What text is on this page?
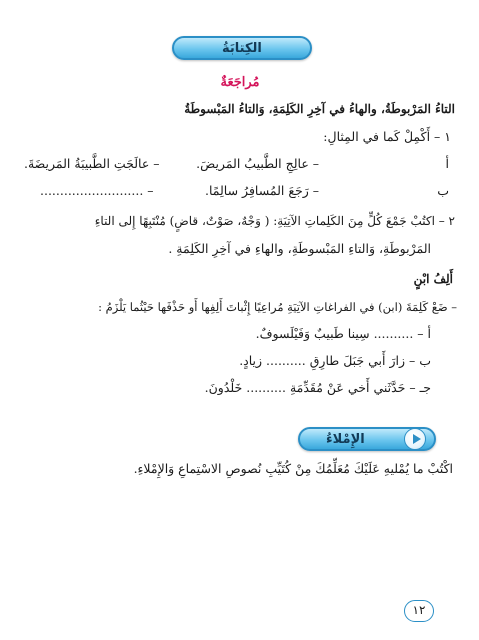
الكِتابَةُ
مُراجَعَةٌ
التاءُ المَرْبوطَةُ، والهاءُ في آخِرِ الكَلِمَةِ، وَالتاءُ المَبْسوطَةُ
١ – أَكْمِلْ كَما في المِثالِ:
أ
– عالِجِ الطَّبيبُ المَريضَ.
– عالَجَتِ الطَّبيبَةُ المَريضَةَ.
ب
– رَجَعَ المُسافِرُ سالِمًا.
– ..........................
٢ – اكتُبْ جَمْعَ كُلٍّ مِنَ الكَلِماتِ الآتِيَةِ: ( وَجْهٌ، صَوْتٌ، قاضٍ) مُنْتَبِهًا إِلى التاءِ
المَرْبوطَةِ، وَالتاءِ المَبْسوطَةِ، والهاءِ في آخِرِ الكَلِمَةِ .
أَلِفُ ابْنٍ
– ضَعْ كَلِمَةَ (ابن) في الفراغاتِ الآتِيَةِ مُراعِيًا إِثْباتَ أَلِفِها أَو حَذْفَها حَيْثُما يَلْزَمُ :
أ – .......... سِينا طَبيبٌ وَفَيْلَسوفٌ.
ب – زارَ أَبي جَبَلَ طارِقِ .......... زيادٍ.
جـ – حَدَّثَني أَخي عَنْ مُقَدِّمَةِ .......... خَلْدُونَ.
الإِمْلاءُ
اكْتُبْ ما يُمْليهِ عَلَيْكَ مُعَلِّمُكَ مِنْ كُتَيِّبِ نُصوصِ الاسْتِماعِ وَالإِمْلاءِ.
١٢
